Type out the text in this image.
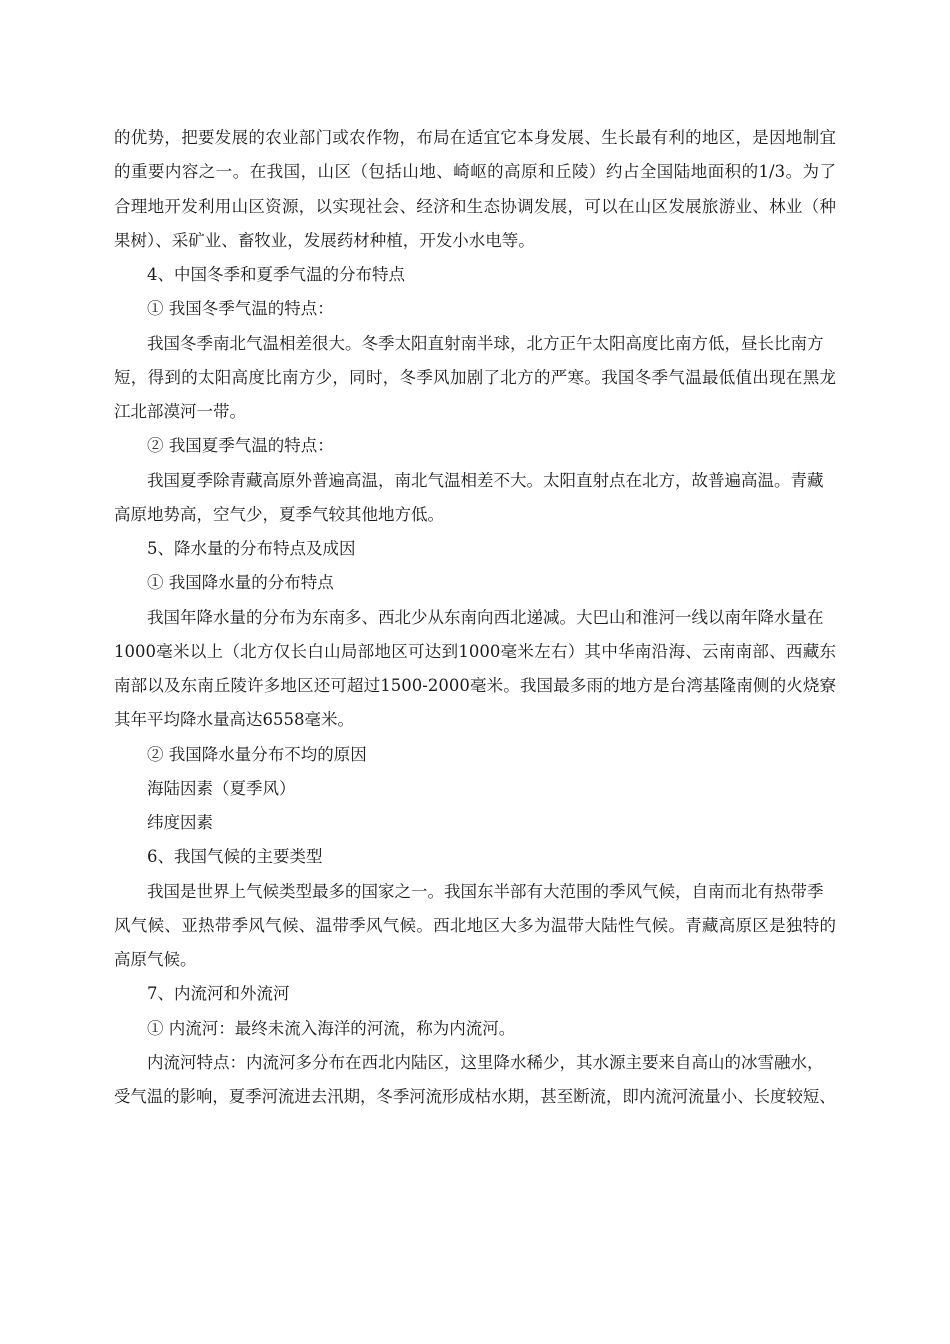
的优势，把要发展的农业部门或农作物，布局在适宜它本身发展、生长最有利的地区，是因地制宜
的重要内容之一。在我国，山区（包括山地、崎岖的高原和丘陵）约占全国陆地面积的1/3。为了
合理地开发利用山区资源，以实现社会、经济和生态协调发展，可以在山区发展旅游业、林业（种
果树）、采矿业、畜牧业，发展药材种植，开发小水电等。
4、中国冬季和夏季气温的分布特点
① 我国冬季气温的特点：
我国冬季南北气温相差很大。冬季太阳直射南半球，北方正午太阳高度比南方低，昼长比南方
短，得到的太阳高度比南方少，同时，冬季风加剧了北方的严寒。我国冬季气温最低值出现在黑龙
江北部漠河一带。
② 我国夏季气温的特点：
我国夏季除青藏高原外普遍高温，南北气温相差不大。太阳直射点在北方，故普遍高温。青藏
高原地势高，空气少，夏季气较其他地方低。
5、降水量的分布特点及成因
① 我国降水量的分布特点
我国年降水量的分布为东南多、西北少从东南向西北递减。大巴山和淮河一线以南年降水量在
1000毫米以上（北方仅长白山局部地区可达到1000毫米左右）其中华南沿海、云南南部、西藏东
南部以及东南丘陵许多地区还可超过1500-2000毫米。我国最多雨的地方是台湾基隆南侧的火烧寮
其年平均降水量高达6558毫米。
② 我国降水量分布不均的原因
海陆因素（夏季风）
纬度因素
6、我国气候的主要类型
我国是世界上气候类型最多的国家之一。我国东半部有大范围的季风气候，自南而北有热带季
风气候、亚热带季风气候、温带季风气候。西北地区大多为温带大陆性气候。青藏高原区是独特的
高原气候。
7、内流河和外流河
① 内流河：最终未流入海洋的河流，称为内流河。
内流河特点：内流河多分布在西北内陆区，这里降水稀少，其水源主要来自高山的冰雪融水，
受气温的影响，夏季河流进去汛期，冬季河流形成枯水期，甚至断流，即内流河流量小、长度较短、
